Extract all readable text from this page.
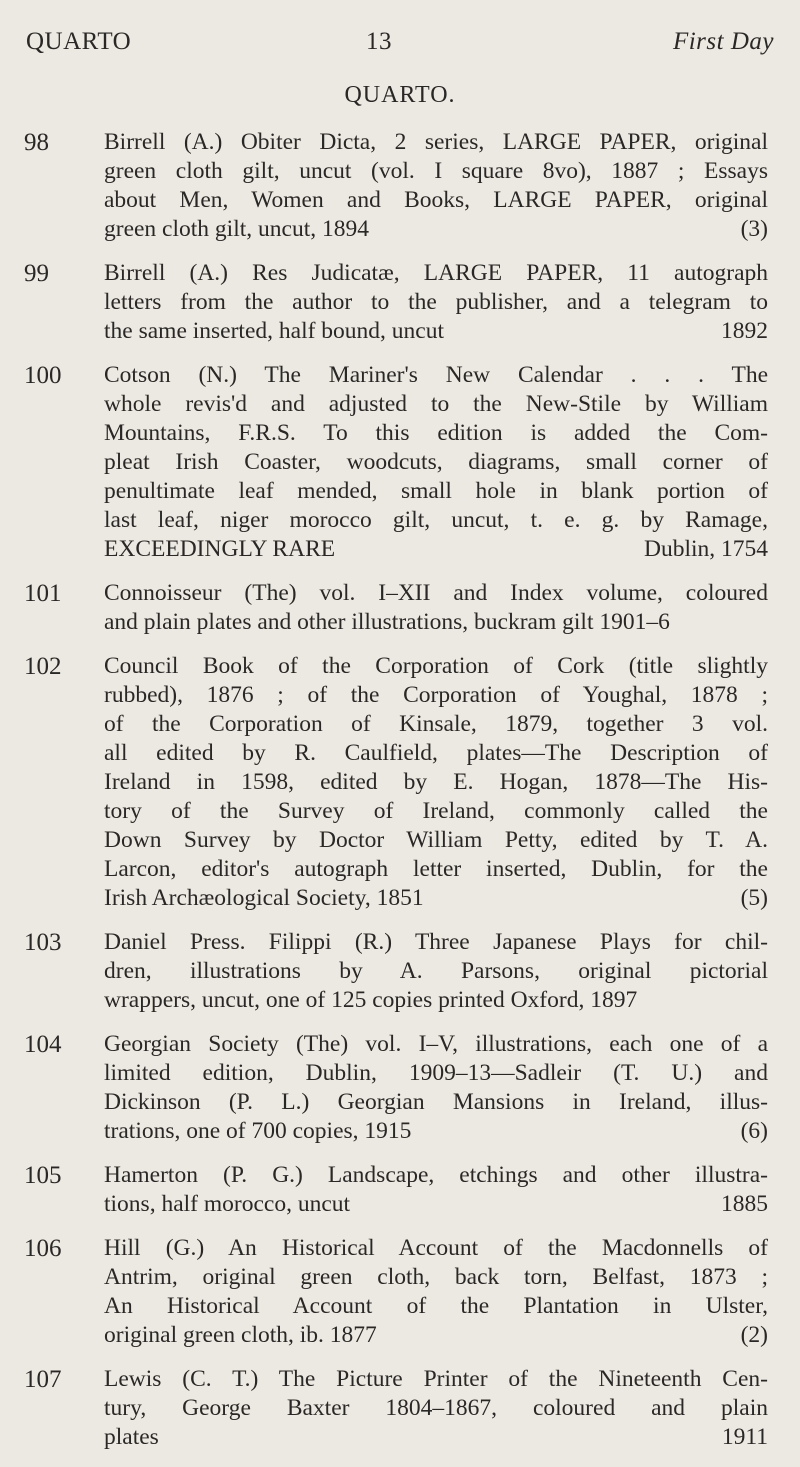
QUARTO	13	First Day
QUARTO.
98	Birrell (A.) Obiter Dicta, 2 series, LARGE PAPER, original
green cloth gilt, uncut (vol. I square 8vo), 1887 ; Essays
about Men, Women and Books, LARGE PAPER, original
green cloth gilt, uncut, 1894	(3)
99	Birrell (A.) Res Judicatæ, LARGE PAPER, 11 autograph
letters from the author to the publisher, and a telegram to
the same inserted, half bound, uncut	1892
100	Cotson (N.) The Mariner's New Calendar . . . The
whole revis'd and adjusted to the New-Stile by William
Mountains, F.R.S. To this edition is added the Com-
pleat Irish Coaster, woodcuts, diagrams, small corner of
penultimate leaf mended, small hole in blank portion of
last leaf, niger morocco gilt, uncut, t. e. g. by Ramage,
EXCEEDINGLY RARE	Dublin, 1754
101	Connoisseur (The) vol. I–XII and Index volume, coloured
and plain plates and other illustrations, buckram gilt 1901–6
102	Council Book of the Corporation of Cork (title slightly
rubbed), 1876 ; of the Corporation of Youghal, 1878 ;
of the Corporation of Kinsale, 1879, together 3 vol.
all edited by R. Caulfield, plates—The Description of
Ireland in 1598, edited by E. Hogan, 1878—The His-
tory of the Survey of Ireland, commonly called the
Down Survey by Doctor William Petty, edited by T. A.
Larcon, editor's autograph letter inserted, Dublin, for the
Irish Archæological Society, 1851	(5)
103	Daniel Press. Filippi (R.) Three Japanese Plays for chil-
dren, illustrations by A. Parsons, original pictorial
wrappers, uncut, one of 125 copies printed Oxford, 1897
104	Georgian Society (The) vol. I–V, illustrations, each one of a
limited edition, Dublin, 1909–13—Sadleir (T. U.) and
Dickinson (P. L.) Georgian Mansions in Ireland, illus-
trations, one of 700 copies, 1915	(6)
105	Hamerton (P. G.) Landscape, etchings and other illustra-
tions, half morocco, uncut	1885
106	Hill (G.) An Historical Account of the Macdonnells of
Antrim, original green cloth, back torn, Belfast, 1873 ;
An Historical Account of the Plantation in Ulster,
original green cloth, ib. 1877	(2)
107	Lewis (C. T.) The Picture Printer of the Nineteenth Cen-
tury, George Baxter 1804–1867, coloured and plain
plates	1911
